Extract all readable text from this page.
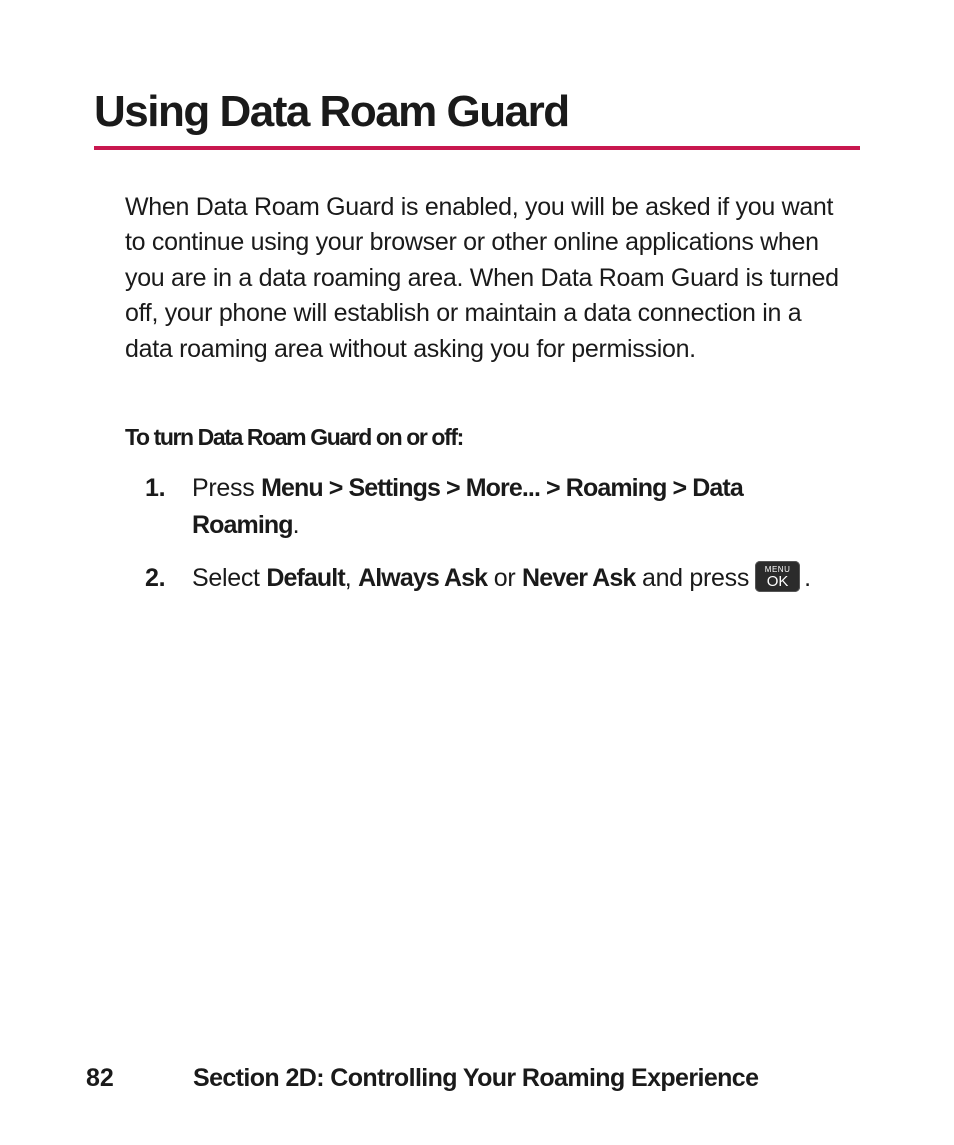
Using Data Roam Guard

When Data Roam Guard is enabled, you will be asked if you want to continue using your browser or other online applications when you are in a data roaming area. When Data Roam Guard is turned off, your phone will establish or maintain a data connection in a data roaming area without asking you for permission.

To turn Data Roam Guard on or off:

1. Press Menu > Settings > More... > Roaming > Data Roaming.
2. Select Default, Always Ask or Never Ask and press	MENU
OK .
82	Section 2D: Controlling Your Roaming Experience
